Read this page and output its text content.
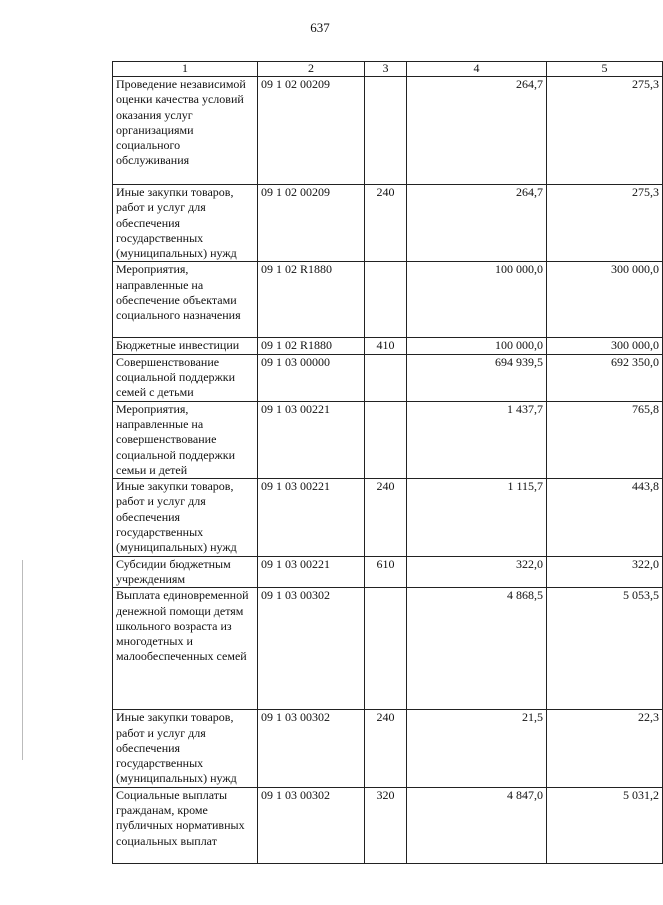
637
1	2	3	4	5
Проведение независимой оценки качества условий оказания услуг организациями социального обслуживания	09 1 02 00209		264,7	275,3
Иные закупки товаров, работ и услуг для обеспечения государственных (муниципальных) нужд	09 1 02 00209	240	264,7	275,3
Мероприятия, направленные на обеспечение объектами социального назначения	09 1 02 R1880		100 000,0	300 000,0
Бюджетные инвестиции	09 1 02 R1880	410	100 000,0	300 000,0
Совершенствование социальной поддержки семей с детьми	09 1 03 00000		694 939,5	692 350,0
Мероприятия, направленные на совершенствование социальной поддержки семьи и детей	09 1 03 00221		1 437,7	765,8
Иные закупки товаров, работ и услуг для обеспечения государственных (муниципальных) нужд	09 1 03 00221	240	1 115,7	443,8
Субсидии бюджетным учреждениям	09 1 03 00221	610	322,0	322,0
Выплата единовременной денежной помощи детям школьного возраста из многодетных и малообеспеченных семей	09 1 03 00302		4 868,5	5 053,5
Иные закупки товаров, работ и услуг для обеспечения государственных (муниципальных) нужд	09 1 03 00302	240	21,5	22,3
Социальные выплаты гражданам, кроме публичных нормативных социальных выплат	09 1 03 00302	320	4 847,0	5 031,2
